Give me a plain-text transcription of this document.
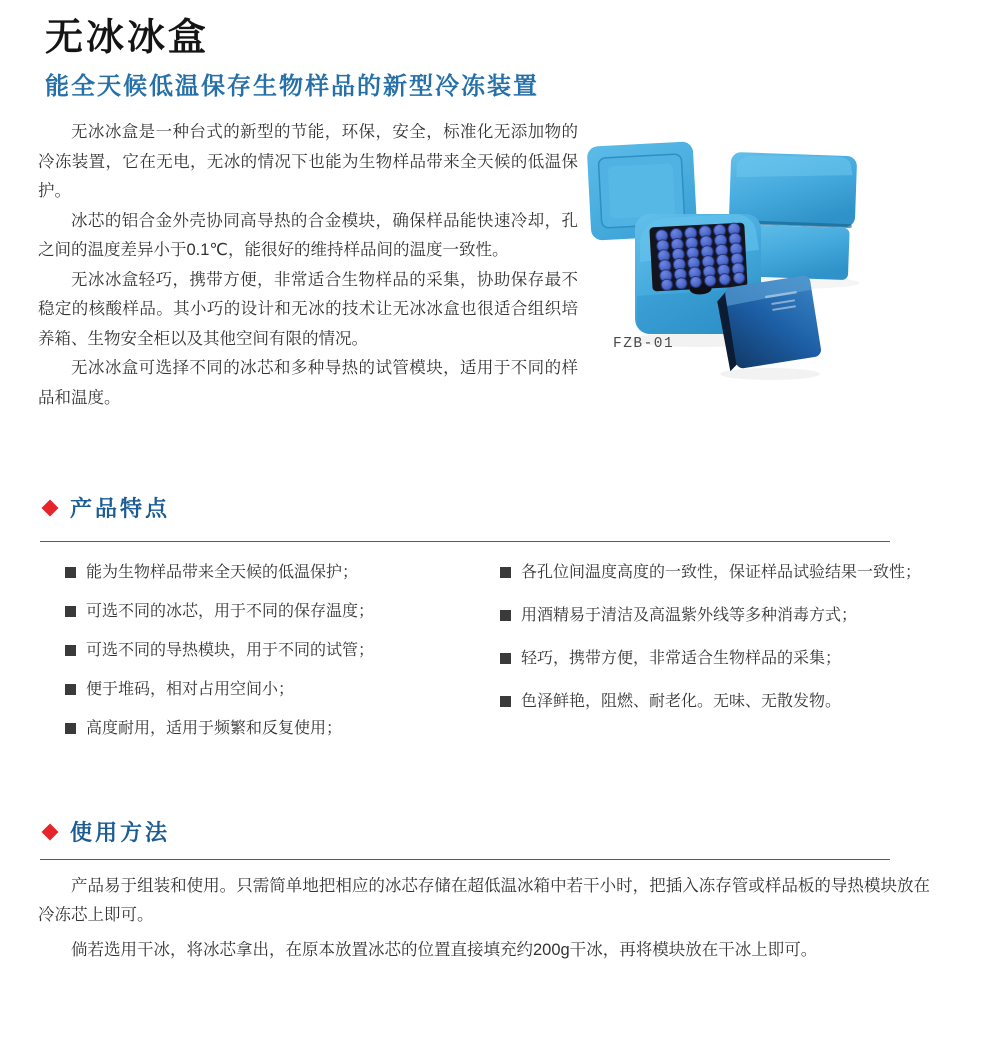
无冰冰盒
能全天候低温保存生物样品的新型冷冻装置

无冰冰盒是一种台式的新型的节能，环保，安全，标准化无添加物的冷冻装置，它在无电，无冰的情况下也能为生物样品带来全天候的低温保护。

冰芯的铝合金外壳协同高导热的合金模块，确保样品能快速冷却，孔之间的温度差异小于0.1℃，能很好的维持样品间的温度一致性。

无冰冰盒轻巧，携带方便，非常适合生物样品的采集，协助保存最不稳定的核酸样品。其小巧的设计和无冰的技术让无冰冰盒也很适合组织培养箱、生物安全柜以及其他空间有限的情况。

无冰冰盒可选择不同的冰芯和多种导热的试管模块，适用于不同的样品和温度。

FZB-01
产品特点
能为生物样品带来全天候的低温保护；
可选不同的冰芯，用于不同的保存温度；
可选不同的导热模块，用于不同的试管；
便于堆码，相对占用空间小；
高度耐用，适用于频繁和反复使用；
各孔位间温度高度的一致性，保证样品试验结果一致性；
用酒精易于清洁及高温紫外线等多种消毒方式；
轻巧，携带方便，非常适合生物样品的采集；
色泽鲜艳，阻燃、耐老化。无味、无散发物。
使用方法

产品易于组装和使用。只需简单地把相应的冰芯存储在超低温冰箱中若干小时，把插入冻存管或样品板的导热模块放在冷冻芯上即可。

倘若选用干冰，将冰芯拿出，在原本放置冰芯的位置直接填充约200g干冰，再将模块放在干冰上即可。
